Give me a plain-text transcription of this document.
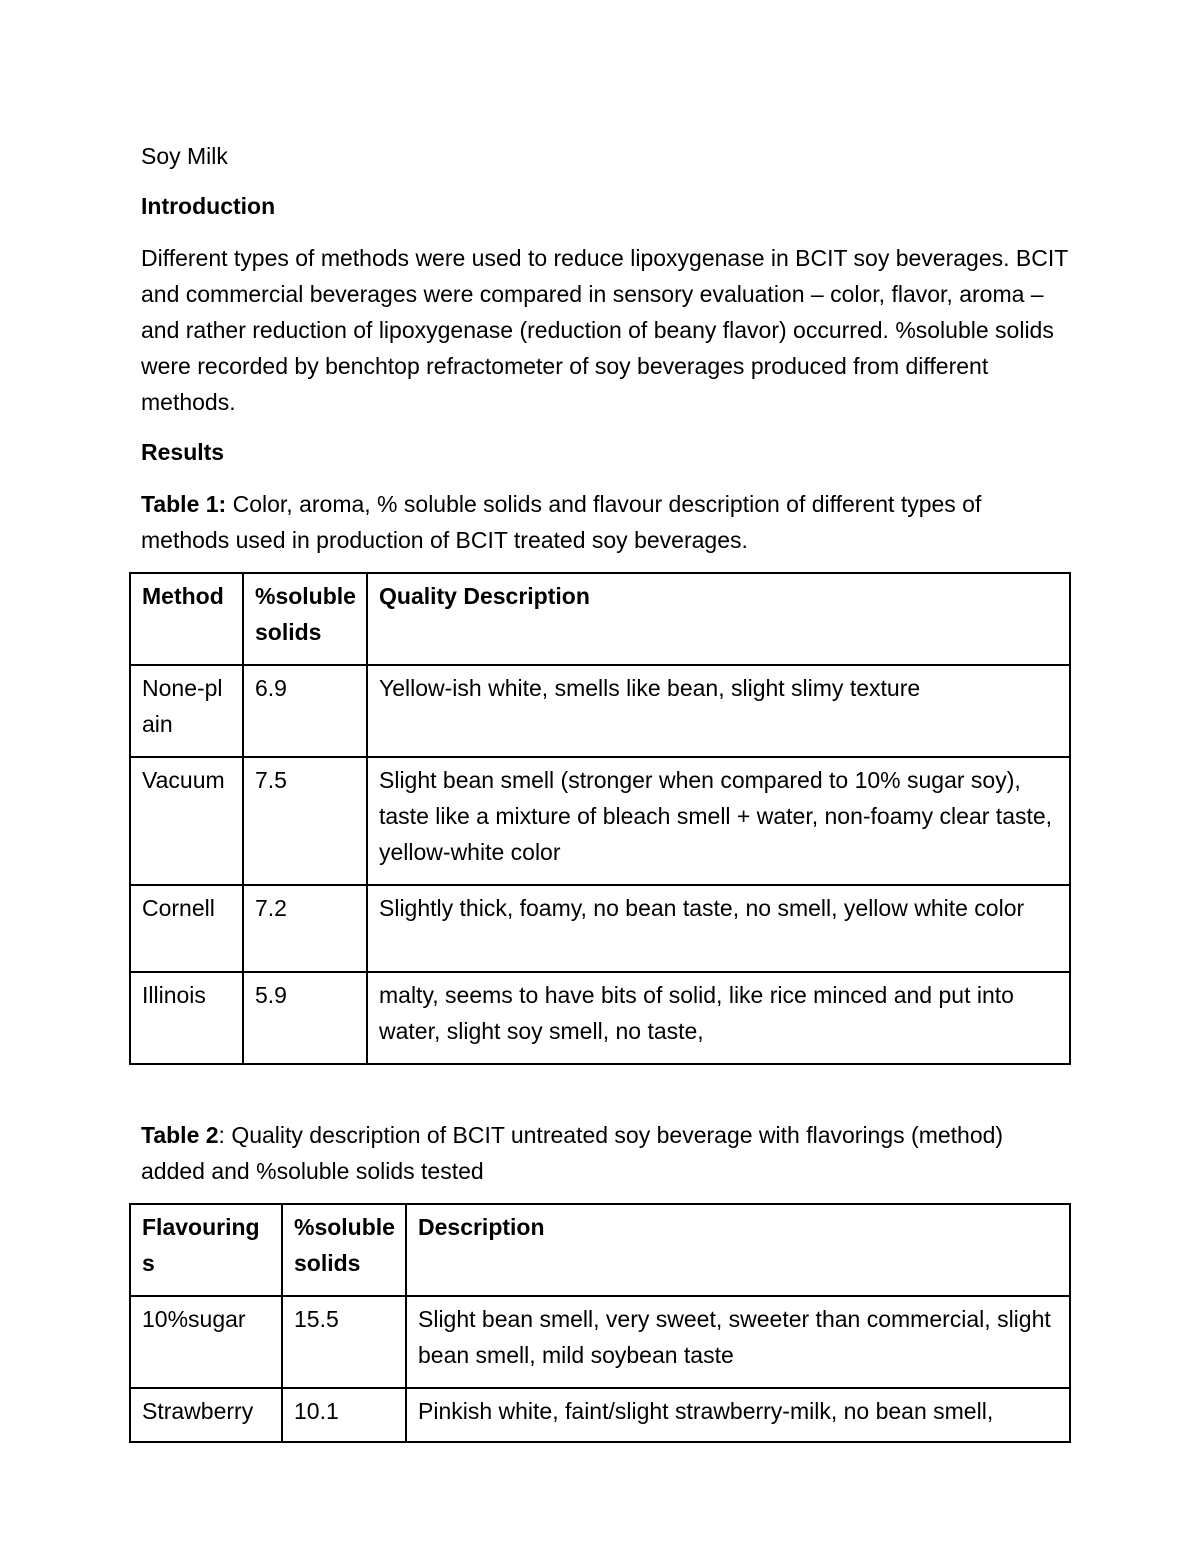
Soy Milk

Introduction

Different types of methods were used to reduce lipoxygenase in BCIT soy beverages. BCIT and commercial beverages were compared in sensory evaluation – color, flavor, aroma – and rather reduction of lipoxygenase (reduction of beany flavor) occurred. %soluble solids were recorded by benchtop refractometer of soy beverages produced from different methods.

Results

Table 1: Color, aroma, % soluble solids and flavour description of different types of methods used in production of BCIT treated soy beverages.

Method	%soluble solids	Quality Description
None-plain	6.9	Yellow-ish white, smells like bean, slight slimy texture
Vacuum	7.5	Slight bean smell (stronger when compared to 10% sugar soy), taste like a mixture of bleach smell + water, non-foamy clear taste, yellow-white color
Cornell	7.2	Slightly thick, foamy, no bean taste, no smell, yellow white color
Illinois	5.9	malty, seems to have bits of solid, like rice minced and put into water, slight soy smell, no taste,

Table 2: Quality description of BCIT untreated soy beverage with flavorings (method) added and %soluble solids tested

Flavourings	%soluble solids	Description
10%sugar	15.5	Slight bean smell, very sweet, sweeter than commercial, slight bean smell, mild soybean taste
Strawberry	10.1	Pinkish white, faint/slight strawberry-milk, no bean smell,
